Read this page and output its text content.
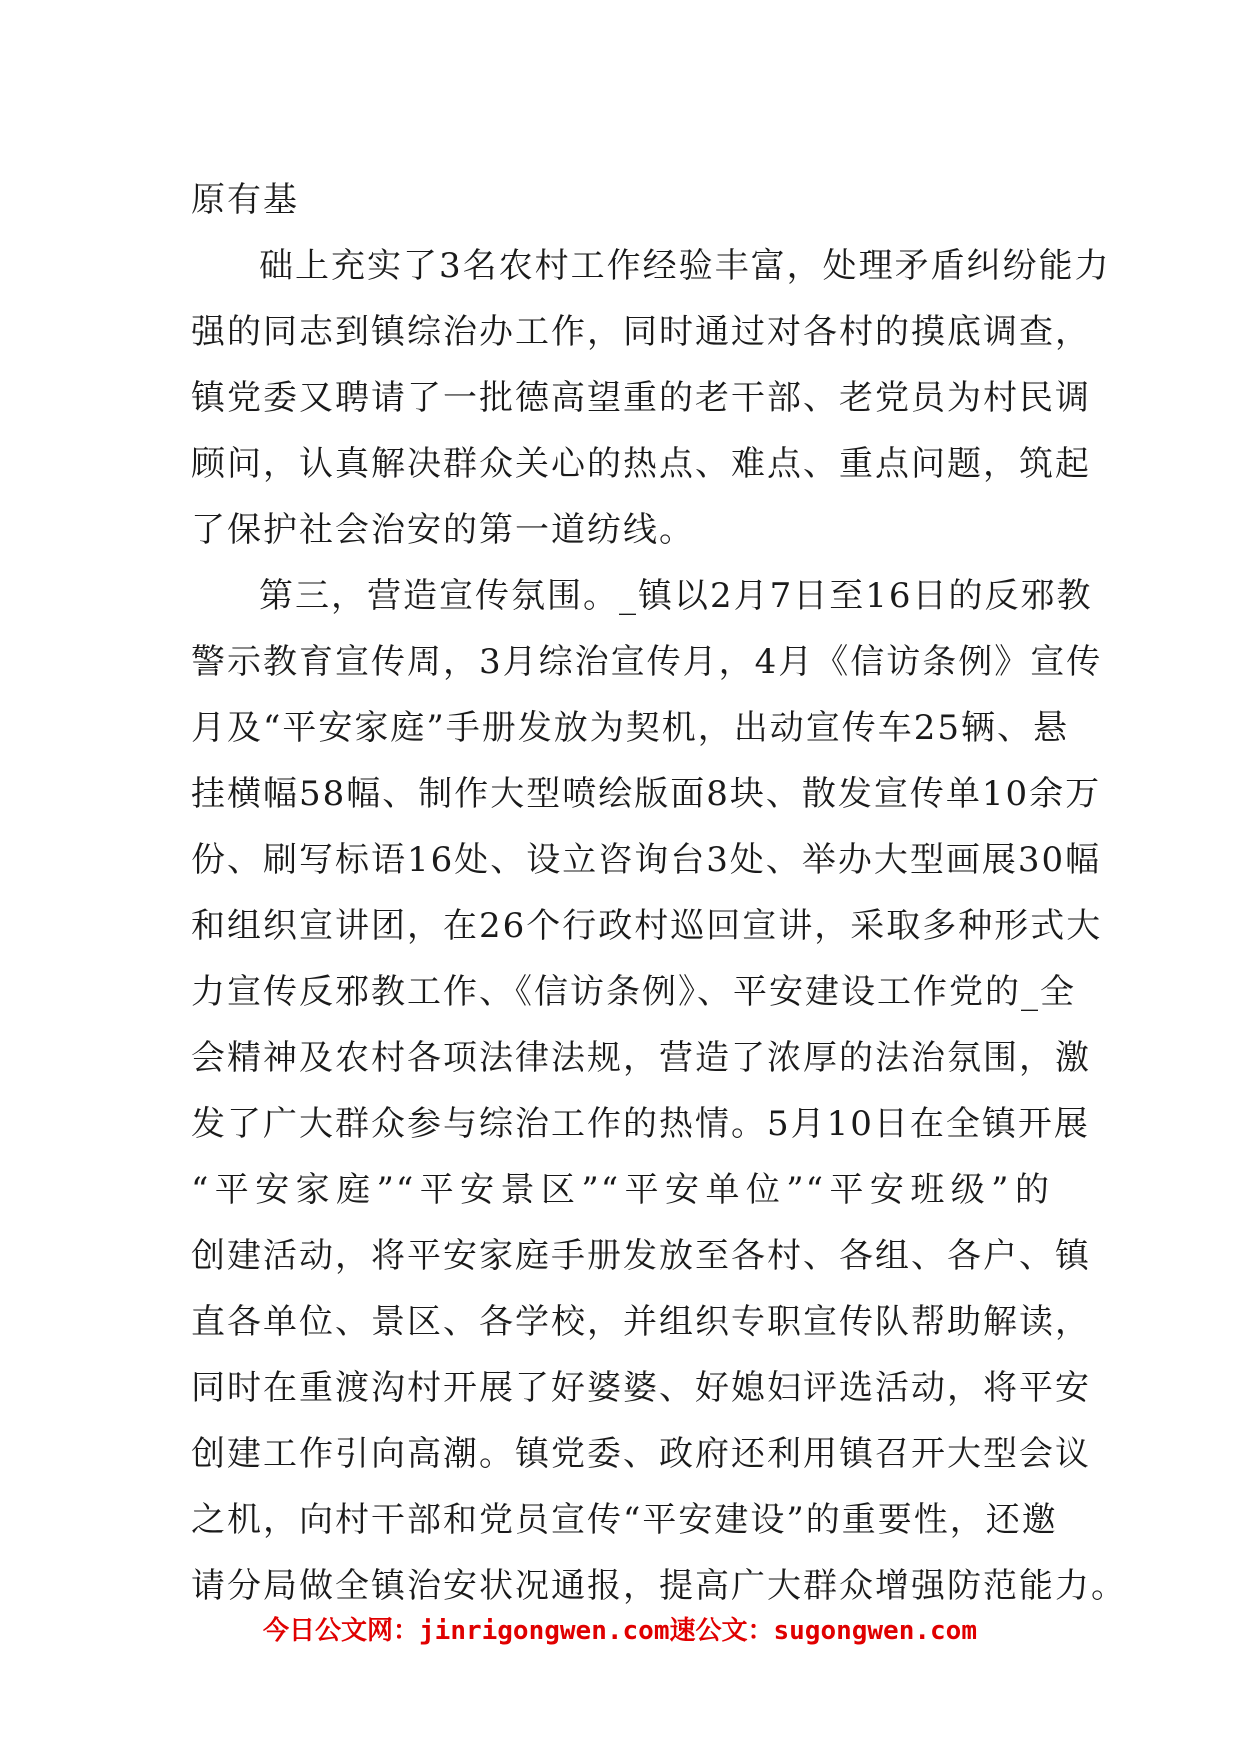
原有基
础上充实了3名农村工作经验丰富，处理矛盾纠纷能力
强的同志到镇综治办工作，同时通过对各村的摸底调查，
镇党委又聘请了一批德高望重的老干部、老党员为村民调
顾问，认真解决群众关心的热点、难点、重点问题，筑起
了保护社会治安的第一道纺线。
第三，营造宣传氛围。_镇以2月7日至16日的反邪教
警示教育宣传周，3月综治宣传月，4月《信访条例》宣传
月及“平安家庭”手册发放为契机，出动宣传车25辆、悬
挂横幅58幅、制作大型喷绘版面8块、散发宣传单10余万
份、刷写标语16处、设立咨询台3处、举办大型画展30幅
和组织宣讲团，在26个行政村巡回宣讲，采取多种形式大
力宣传反邪教工作、《信访条例》、平安建设工作党的_全
会精神及农村各项法律法规，营造了浓厚的法治氛围，激
发了广大群众参与综治工作的热情。5月10日在全镇开展
“平安家庭”“平安景区”“平安单位”“平安班级”的
创建活动，将平安家庭手册发放至各村、各组、各户、镇
直各单位、景区、各学校，并组织专职宣传队帮助解读，
同时在重渡沟村开展了好婆婆、好媳妇评选活动，将平安
创建工作引向高潮。镇党委、政府还利用镇召开大型会议
之机，向村干部和党员宣传“平安建设”的重要性，还邀
请分局做全镇治安状况通报，提高广大群众增强防范能力。
今日公文网：jinrigongwen.com速公文：sugongwen.com
